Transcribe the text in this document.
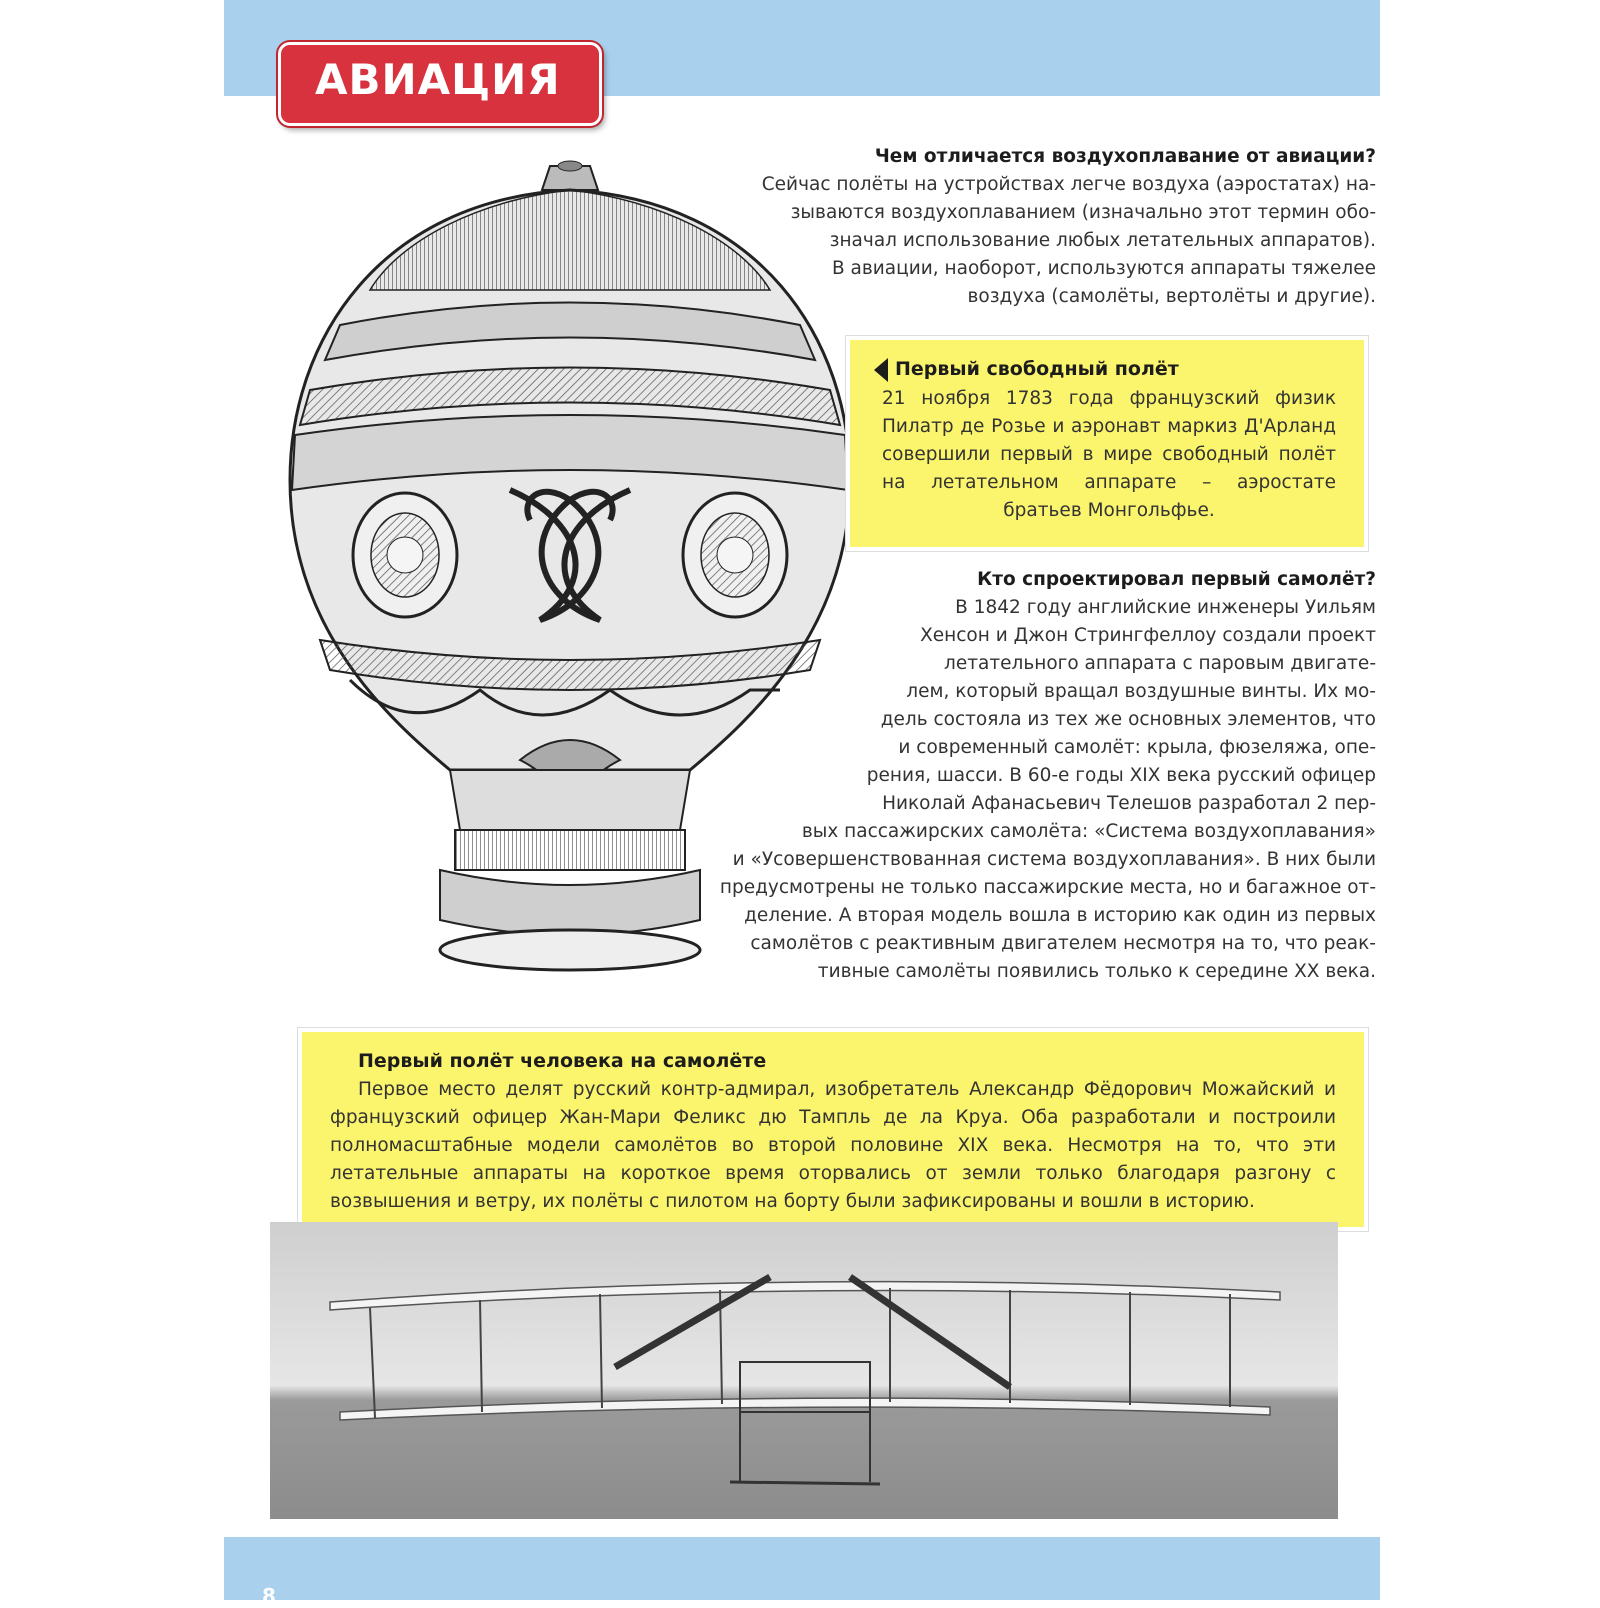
АВИАЦИЯ
8

Чем отличается воздухоплавание от авиации?

Сейчас полёты на устройствах легче воздуха (аэростатах) на-

зываются воздухоплаванием (изначально этот термин обо-

значал использование любых летательных аппаратов).

В авиации, наоборот, используются аппараты тяжелее

воздуха (самолёты, вертолёты и другие).

Первый свободный полёт
21 ноября 1783 года французский физик Пилатр де Розье и аэронавт маркиз Д'Арланд совершили первый в мире свободный полёт на летательном аппарате – аэростате братьев Монгольфье.
Кто спроектировал первый самолёт?
В 1842 году английские инженеры Уильям
Хенсон и Джон Стрингфеллоу создали проект
летательного аппарата с паровым двигате-
лем, который вращал воздушные винты. Их мо-
дель состояла из тех же основных элементов, что
и современный самолёт: крыла, фюзеляжа, опе-
рения, шасси. В 60-е годы XIX века русский офицер
Николай Афанасьевич Телешов разработал 2 пер-
вых пассажирских самолёта: «Система воздухоплавания»
и «Усовершенствованная система воздухоплавания». В них были
предусмотрены не только пассажирские места, но и багажное от-
деление. А вторая модель вошла в историю как один из первых
самолётов с реактивным двигателем несмотря на то, что реак-
тивные самолёты появились только к середине XX века.
Первый полёт человека на самолёте
Первое место делят русский контр-адмирал, изобретатель Александр Фёдорович Можайский и французский офицер Жан-Мари Феликс дю Тампль де ла Круа. Оба разработали и построили полномасштабные модели самолётов во второй половине XIX века. Несмотря на то, что эти летательные аппараты на короткое время оторвались от земли только благодаря разгону с возвышения и ветру, их полёты с пилотом на борту были зафиксированы и вошли в историю.
